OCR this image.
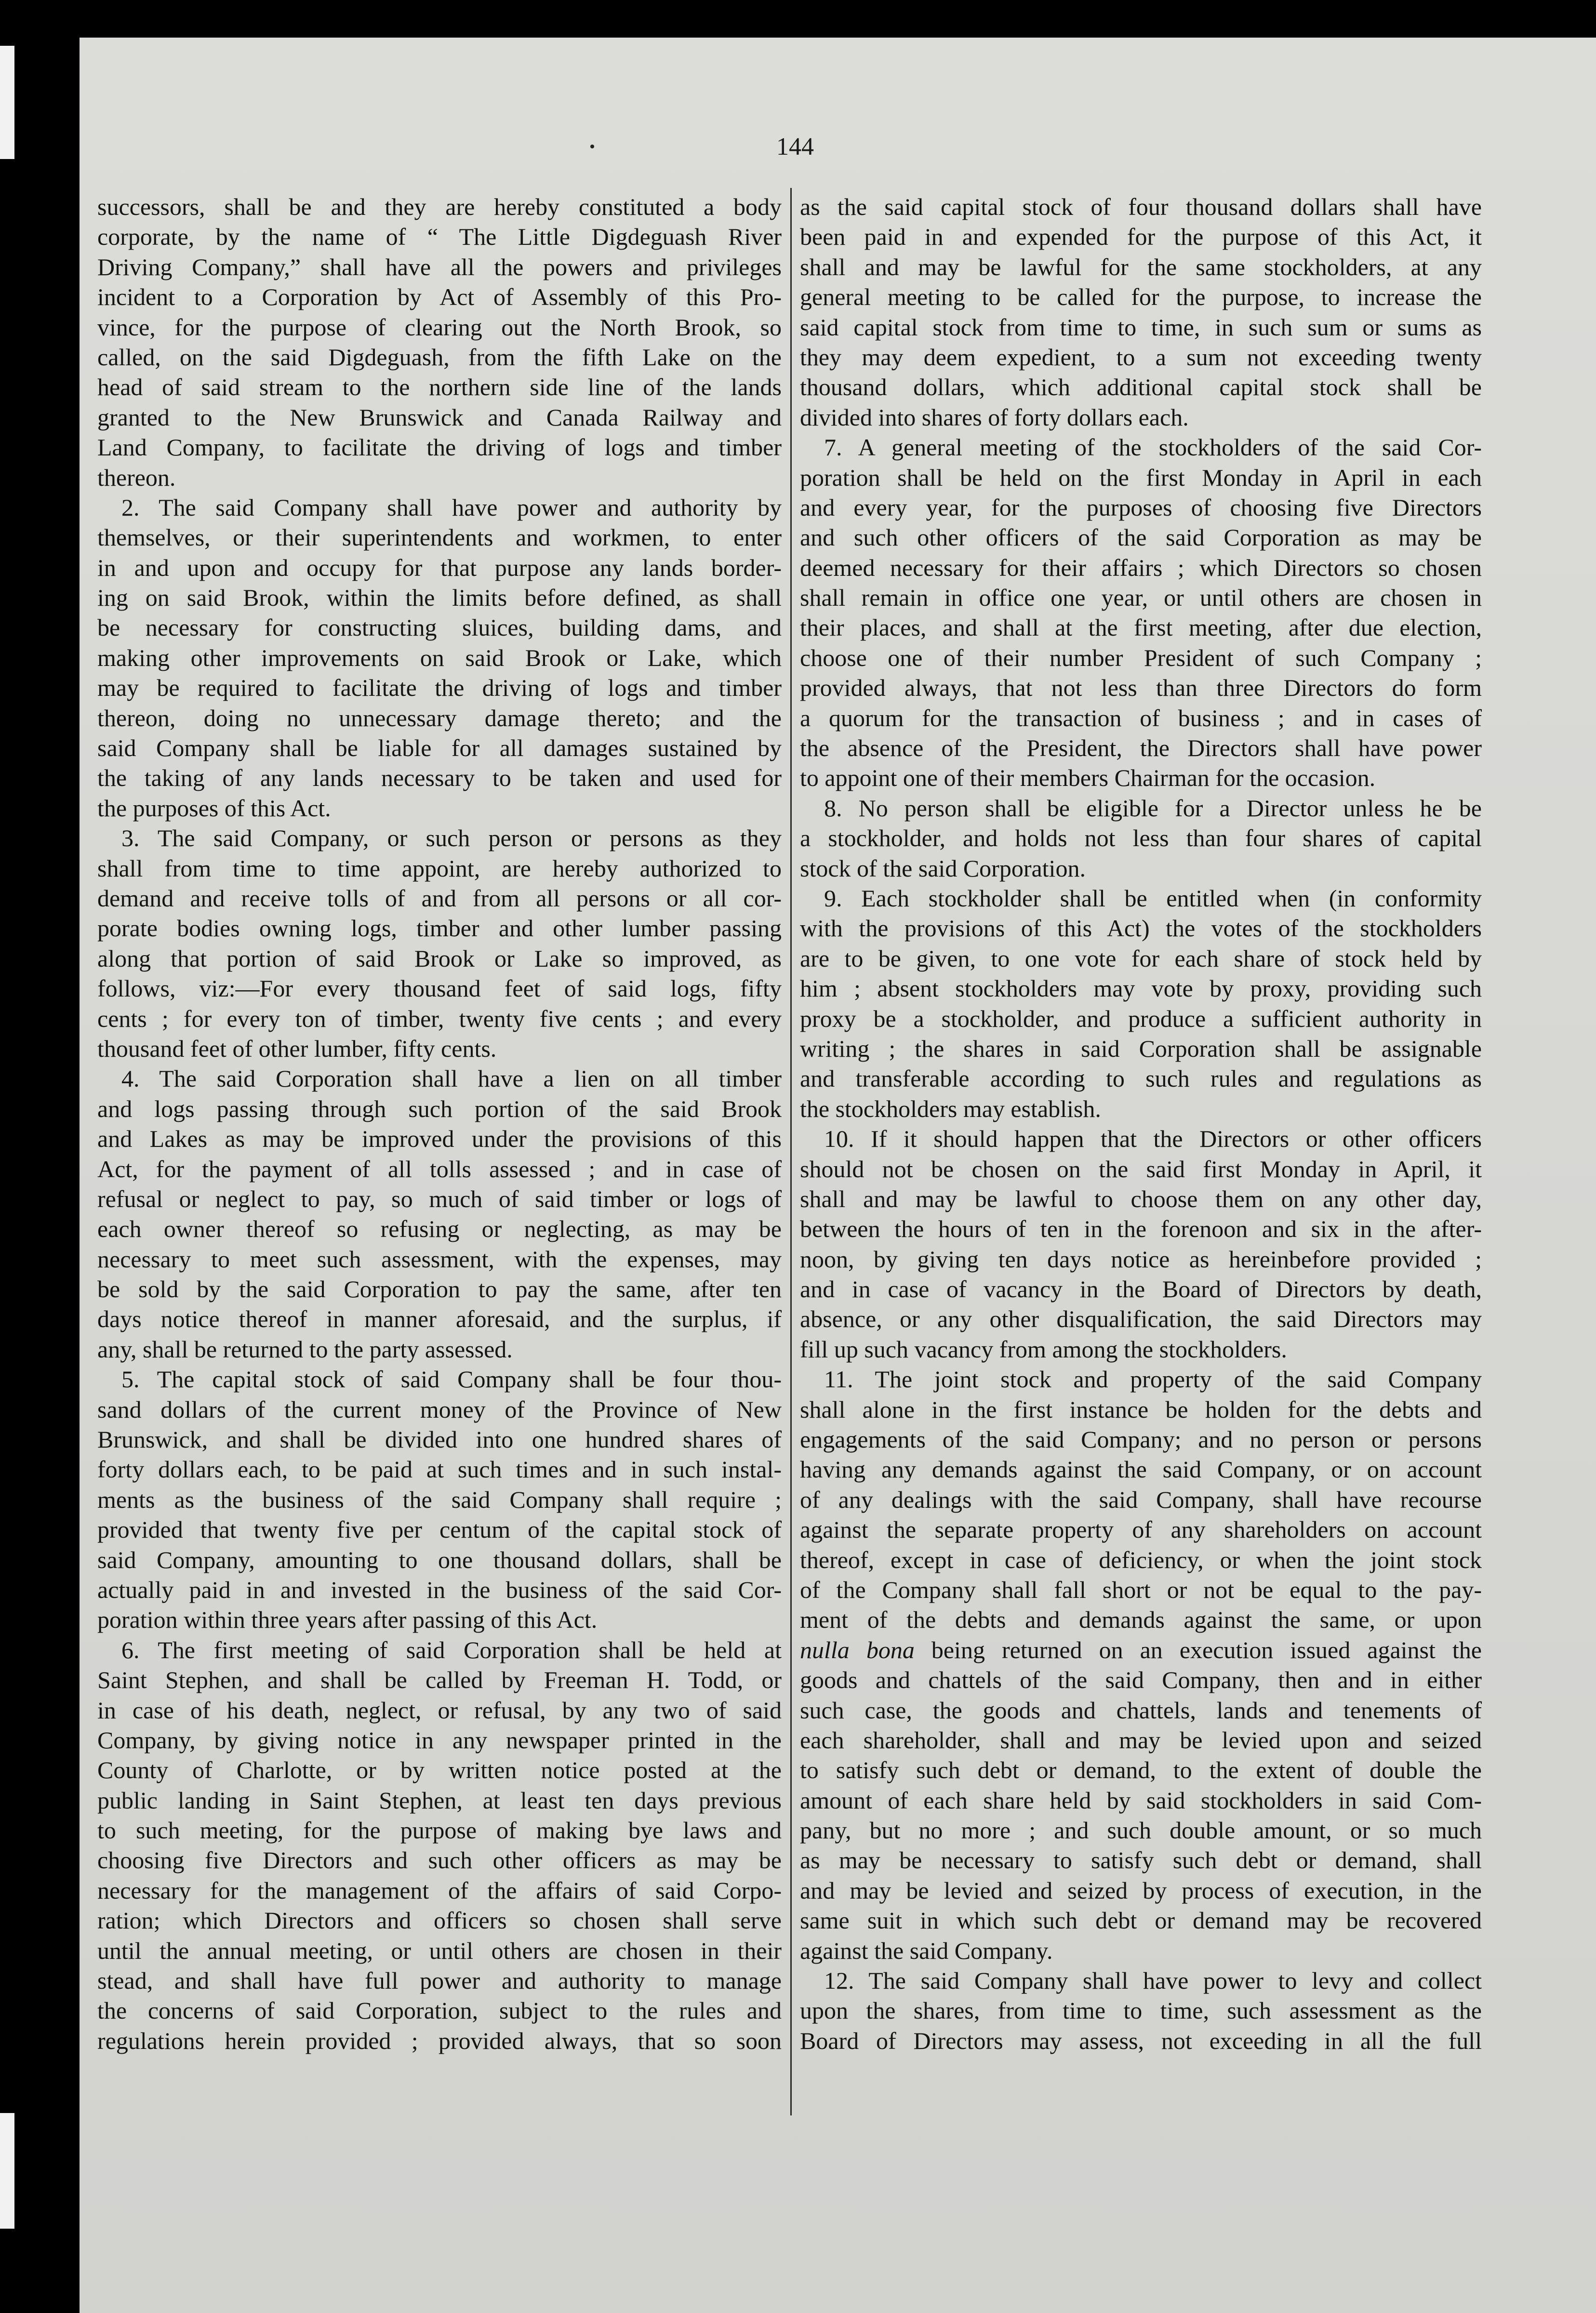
144
successors, shall be and they are hereby constituted a body
corporate, by the name of “ The Little Digdeguash River
Driving Company,” shall have all the powers and privileges
incident to a Corporation by Act of Assembly of this Pro-
vince, for the purpose of clearing out the North Brook, so
called, on the said Digdeguash, from the fifth Lake on the
head of said stream to the northern side line of the lands
granted to the New Brunswick and Canada Railway and
Land Company, to facilitate the driving of logs and timber
thereon.
2. The said Company shall have power and authority by
themselves, or their superintendents and workmen, to enter
in and upon and occupy for that purpose any lands border-
ing on said Brook, within the limits before defined, as shall
be necessary for constructing sluices, building dams, and
making other improvements on said Brook or Lake, which
may be required to facilitate the driving of logs and timber
thereon, doing no unnecessary damage thereto; and the
said Company shall be liable for all damages sustained by
the taking of any lands necessary to be taken and used for
the purposes of this Act.
3. The said Company, or such person or persons as they
shall from time to time appoint, are hereby authorized to
demand and receive tolls of and from all persons or all cor-
porate bodies owning logs, timber and other lumber passing
along that portion of said Brook or Lake so improved, as
follows, viz:—For every thousand feet of said logs, fifty
cents ; for every ton of timber, twenty five cents ; and every
thousand feet of other lumber, fifty cents.
4. The said Corporation shall have a lien on all timber
and logs passing through such portion of the said Brook
and Lakes as may be improved under the provisions of this
Act, for the payment of all tolls assessed ; and in case of
refusal or neglect to pay, so much of said timber or logs of
each owner thereof so refusing or neglecting, as may be
necessary to meet such assessment, with the expenses, may
be sold by the said Corporation to pay the same, after ten
days notice thereof in manner aforesaid, and the surplus, if
any, shall be returned to the party assessed.
5. The capital stock of said Company shall be four thou-
sand dollars of the current money of the Province of New
Brunswick, and shall be divided into one hundred shares of
forty dollars each, to be paid at such times and in such instal-
ments as the business of the said Company shall require ;
provided that twenty five per centum of the capital stock of
said Company, amounting to one thousand dollars, shall be
actually paid in and invested in the business of the said Cor-
poration within three years after passing of this Act.
6. The first meeting of said Corporation shall be held at
Saint Stephen, and shall be called by Freeman H. Todd, or
in case of his death, neglect, or refusal, by any two of said
Company, by giving notice in any newspaper printed in the
County of Charlotte, or by written notice posted at the
public landing in Saint Stephen, at least ten days previous
to such meeting, for the purpose of making bye laws and
choosing five Directors and such other officers as may be
necessary for the management of the affairs of said Corpo-
ration; which Directors and officers so chosen shall serve
until the annual meeting, or until others are chosen in their
stead, and shall have full power and authority to manage
the concerns of said Corporation, subject to the rules and
regulations herein provided ; provided always, that so soon
as the said capital stock of four thousand dollars shall have
been paid in and expended for the purpose of this Act, it
shall and may be lawful for the same stockholders, at any
general meeting to be called for the purpose, to increase the
said capital stock from time to time, in such sum or sums as
they may deem expedient, to a sum not exceeding twenty
thousand dollars, which additional capital stock shall be
divided into shares of forty dollars each.
7. A general meeting of the stockholders of the said Cor-
poration shall be held on the first Monday in April in each
and every year, for the purposes of choosing five Directors
and such other officers of the said Corporation as may be
deemed necessary for their affairs ; which Directors so chosen
shall remain in office one year, or until others are chosen in
their places, and shall at the first meeting, after due election,
choose one of their number President of such Company ;
provided always, that not less than three Directors do form
a quorum for the transaction of business ; and in cases of
the absence of the President, the Directors shall have power
to appoint one of their members Chairman for the occasion.
8. No person shall be eligible for a Director unless he be
a stockholder, and holds not less than four shares of capital
stock of the said Corporation.
9. Each stockholder shall be entitled when (in conformity
with the provisions of this Act) the votes of the stockholders
are to be given, to one vote for each share of stock held by
him ; absent stockholders may vote by proxy, providing such
proxy be a stockholder, and produce a sufficient authority in
writing ; the shares in said Corporation shall be assignable
and transferable according to such rules and regulations as
the stockholders may establish.
10. If it should happen that the Directors or other officers
should not be chosen on the said first Monday in April, it
shall and may be lawful to choose them on any other day,
between the hours of ten in the forenoon and six in the after-
noon, by giving ten days notice as hereinbefore provided ;
and in case of vacancy in the Board of Directors by death,
absence, or any other disqualification, the said Directors may
fill up such vacancy from among the stockholders.
11. The joint stock and property of the said Company
shall alone in the first instance be holden for the debts and
engagements of the said Company; and no person or persons
having any demands against the said Company, or on account
of any dealings with the said Company, shall have recourse
against the separate property of any shareholders on account
thereof, except in case of deficiency, or when the joint stock
of the Company shall fall short or not be equal to the pay-
ment of the debts and demands against the same, or upon
nulla bona being returned on an execution issued against the
goods and chattels of the said Company, then and in either
such case, the goods and chattels, lands and tenements of
each shareholder, shall and may be levied upon and seized
to satisfy such debt or demand, to the extent of double the
amount of each share held by said stockholders in said Com-
pany, but no more ; and such double amount, or so much
as may be necessary to satisfy such debt or demand, shall
and may be levied and seized by process of execution, in the
same suit in which such debt or demand may be recovered
against the said Company.
12. The said Company shall have power to levy and collect
upon the shares, from time to time, such assessment as the
Board of Directors may assess, not exceeding in all the full
